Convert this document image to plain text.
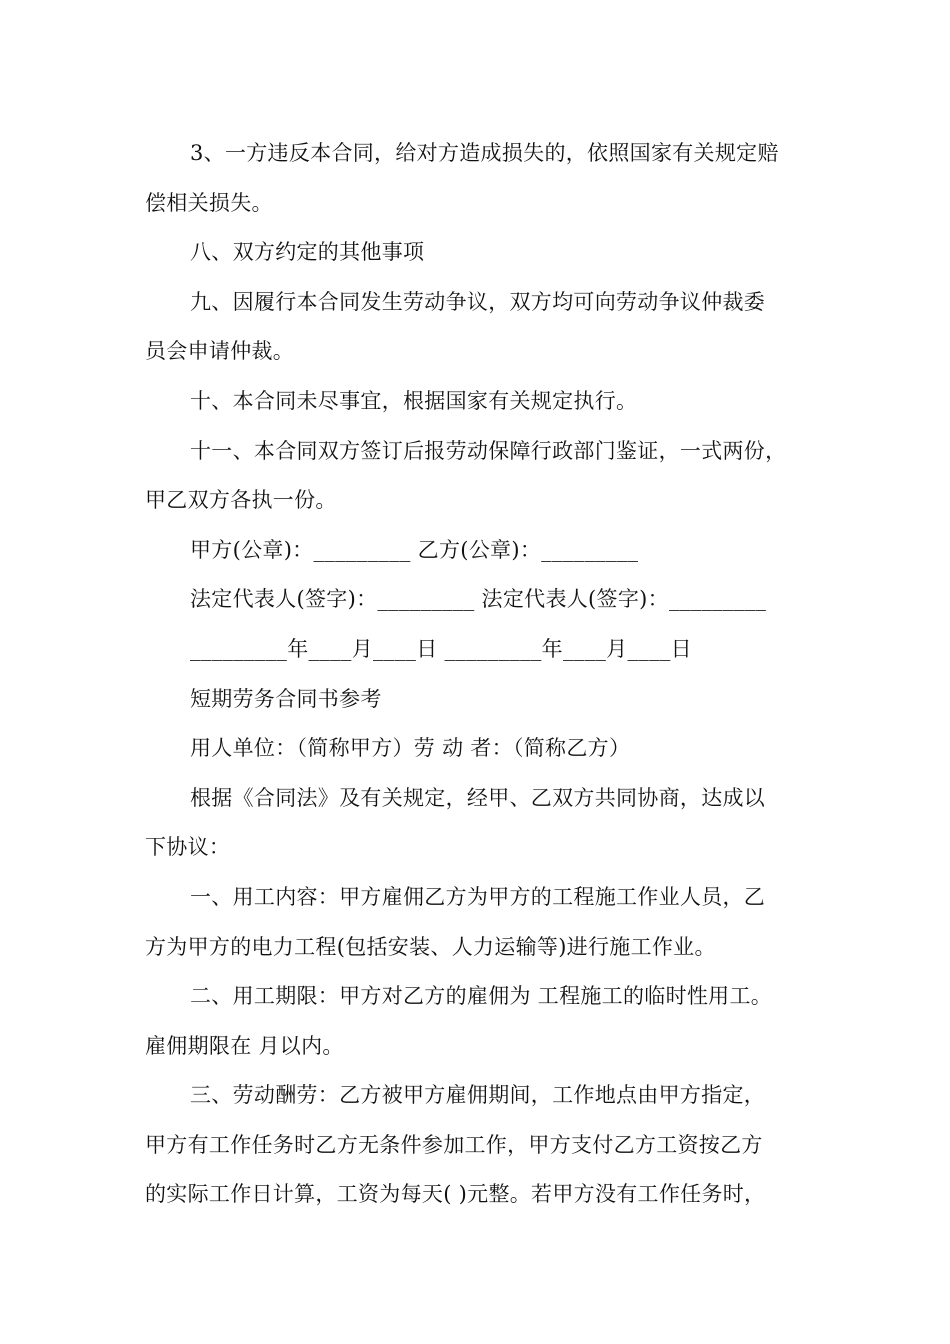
3、一方违反本合同，给对方造成损失的，依照国家有关规定赔
偿相关损失。
八、双方约定的其他事项
九、因履行本合同发生劳动争议，双方均可向劳动争议仲裁委
员会申请仲裁。
十、本合同未尽事宜，根据国家有关规定执行。
十一、本合同双方签订后报劳动保障行政部门鉴证，一式两份，
甲乙双方各执一份。
甲方(公章)：_________ 乙方(公章)：_________
法定代表人(签字)：_________ 法定代表人(签字)：_________
_________年____月____日 _________年____月____日
短期劳务合同书参考
用人单位：（简称甲方）劳 动 者：（简称乙方）
根据《合同法》及有关规定，经甲、乙双方共同协商，达成以
下协议：
一、用工内容：甲方雇佣乙方为甲方的工程施工作业人员，乙
方为甲方的电力工程(包括安装、人力运输等)进行施工作业。
二、用工期限：甲方对乙方的雇佣为 工程施工的临时性用工。
雇佣期限在 月以内。
三、劳动酬劳：乙方被甲方雇佣期间，工作地点由甲方指定，
甲方有工作任务时乙方无条件参加工作，甲方支付乙方工资按乙方
的实际工作日计算，工资为每天( )元整。若甲方没有工作任务时，
